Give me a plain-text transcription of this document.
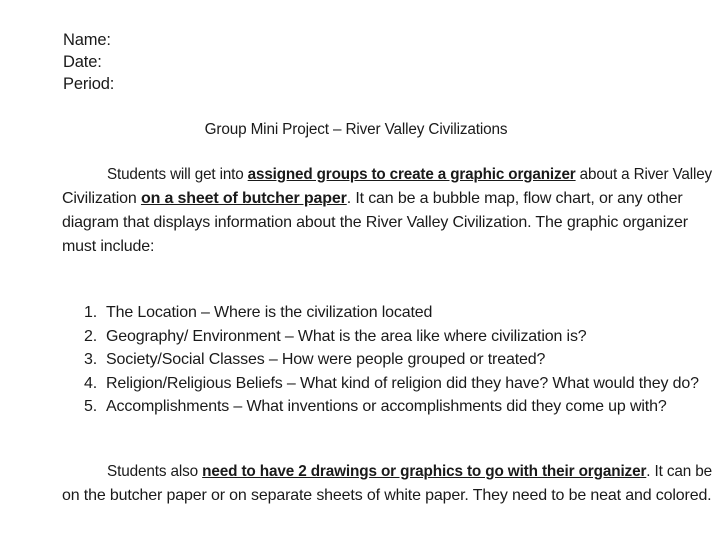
Name:
Date:
Period:
Group Mini Project – River Valley Civilizations
Students will get into assigned groups to create a graphic organizer about a River Valley
Civilization on a sheet of butcher paper. It can be a bubble map, flow chart, or any other
diagram that displays information about the River Valley Civilization. The graphic organizer
must include:
1. The Location – Where is the civilization located
2. Geography/ Environment – What is the area like where civilization is?
3. Society/Social Classes – How were people grouped or treated?
4. Religion/Religious Beliefs – What kind of religion did they have? What would they do?
5. Accomplishments – What inventions or accomplishments did they come up with?
Students also need to have 2 drawings or graphics to go with their organizer. It can be
on the butcher paper or on separate sheets of white paper. They need to be neat and colored.
